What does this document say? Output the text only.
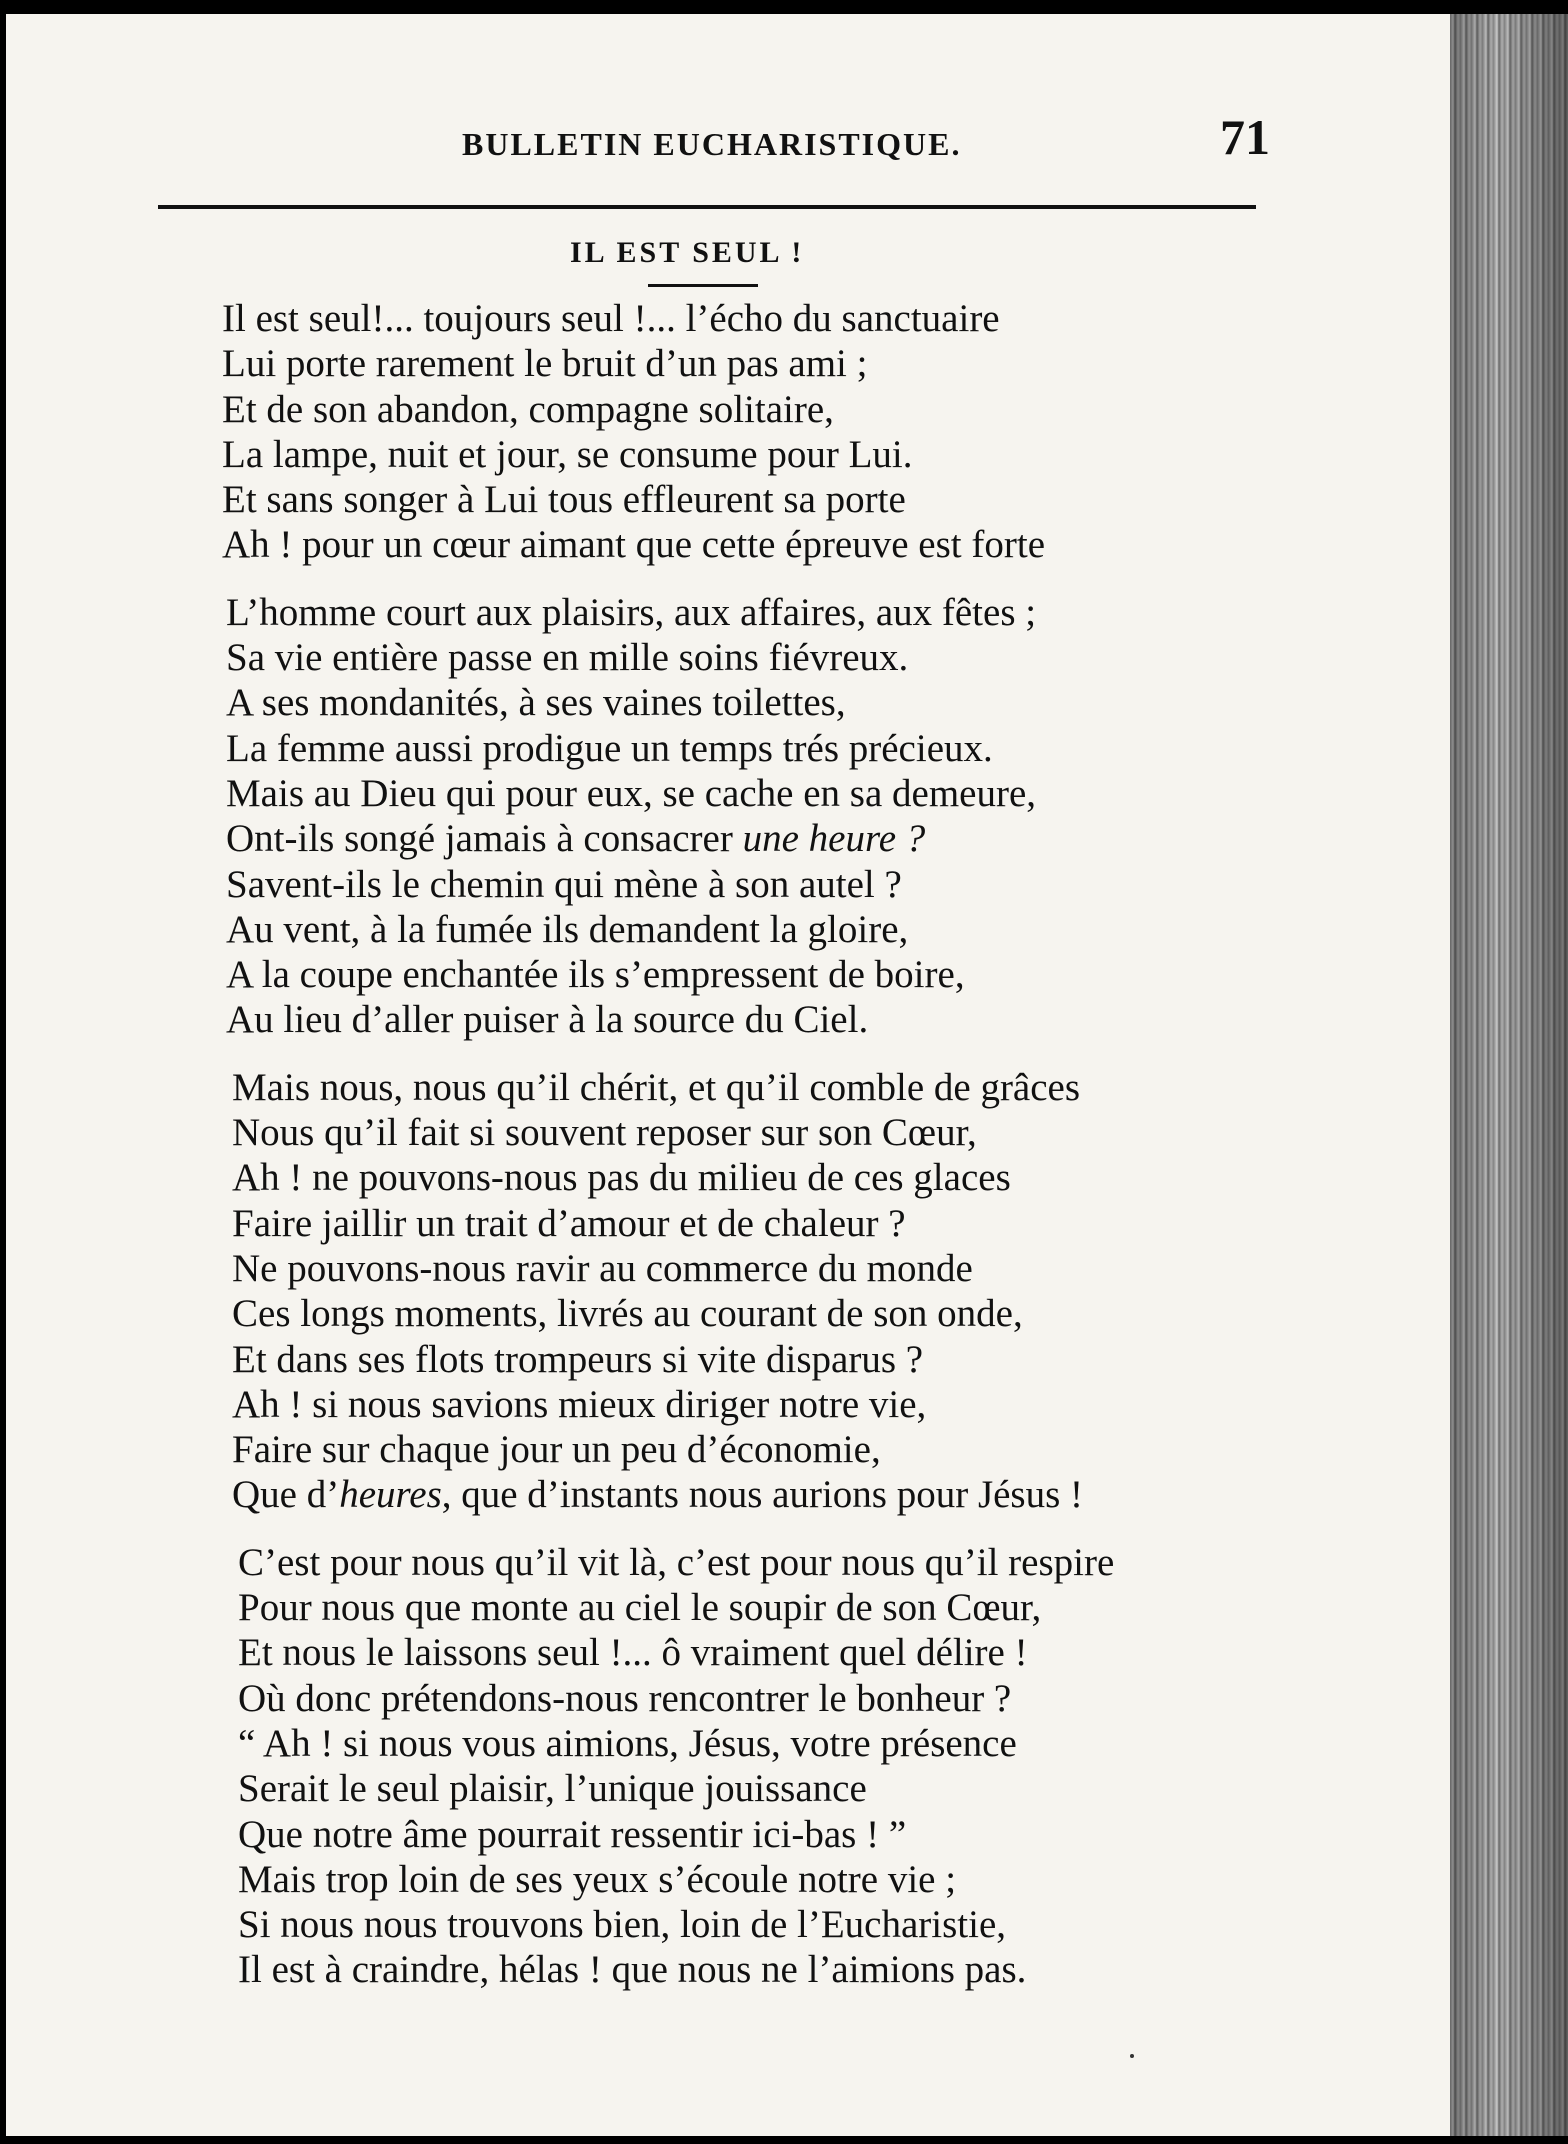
BULLETIN EUCHARISTIQUE.	71
IL EST SEUL !
Il est seul!... toujours seul !... l’écho du sanctuaire
Lui porte rarement le bruit d’un pas ami ;
Et de son abandon, compagne solitaire,
La lampe, nuit et jour, se consume pour Lui.
Et sans songer à Lui tous effleurent sa porte
Ah ! pour un cœur aimant que cette épreuve est forte
L’homme court aux plaisirs, aux affaires, aux fêtes ;
Sa vie entière passe en mille soins fiévreux.
A ses mondanités, à ses vaines toilettes,
La femme aussi prodigue un temps trés précieux.
Mais au Dieu qui pour eux, se cache en sa demeure,
Ont-ils songé jamais à consacrer une heure ?
Savent-ils le chemin qui mène à son autel ?
Au vent, à la fumée ils demandent la gloire,
A la coupe enchantée ils s’empressent de boire,
Au lieu d’aller puiser à la source du Ciel.
Mais nous, nous qu’il chérit, et qu’il comble de grâces
Nous qu’il fait si souvent reposer sur son Cœur,
Ah ! ne pouvons-nous pas du milieu de ces glaces
Faire jaillir un trait d’amour et de chaleur ?
Ne pouvons-nous ravir au commerce du monde
Ces longs moments, livrés au courant de son onde,
Et dans ses flots trompeurs si vite disparus ?
Ah ! si nous savions mieux diriger notre vie,
Faire sur chaque jour un peu d’économie,
Que d’heures, que d’instants nous aurions pour Jésus !
C’est pour nous qu’il vit là, c’est pour nous qu’il respire
Pour nous que monte au ciel le soupir de son Cœur,
Et nous le laissons seul !... ô vraiment quel délire !
Où donc prétendons-nous rencontrer le bonheur ?
“ Ah ! si nous vous aimions, Jésus, votre présence
Serait le seul plaisir, l’unique jouissance
Que notre âme pourrait ressentir ici-bas ! ”
Mais trop loin de ses yeux s’écoule notre vie ;
Si nous nous trouvons bien, loin de l’Eucharistie,
Il est à craindre, hélas ! que nous ne l’aimions pas.
